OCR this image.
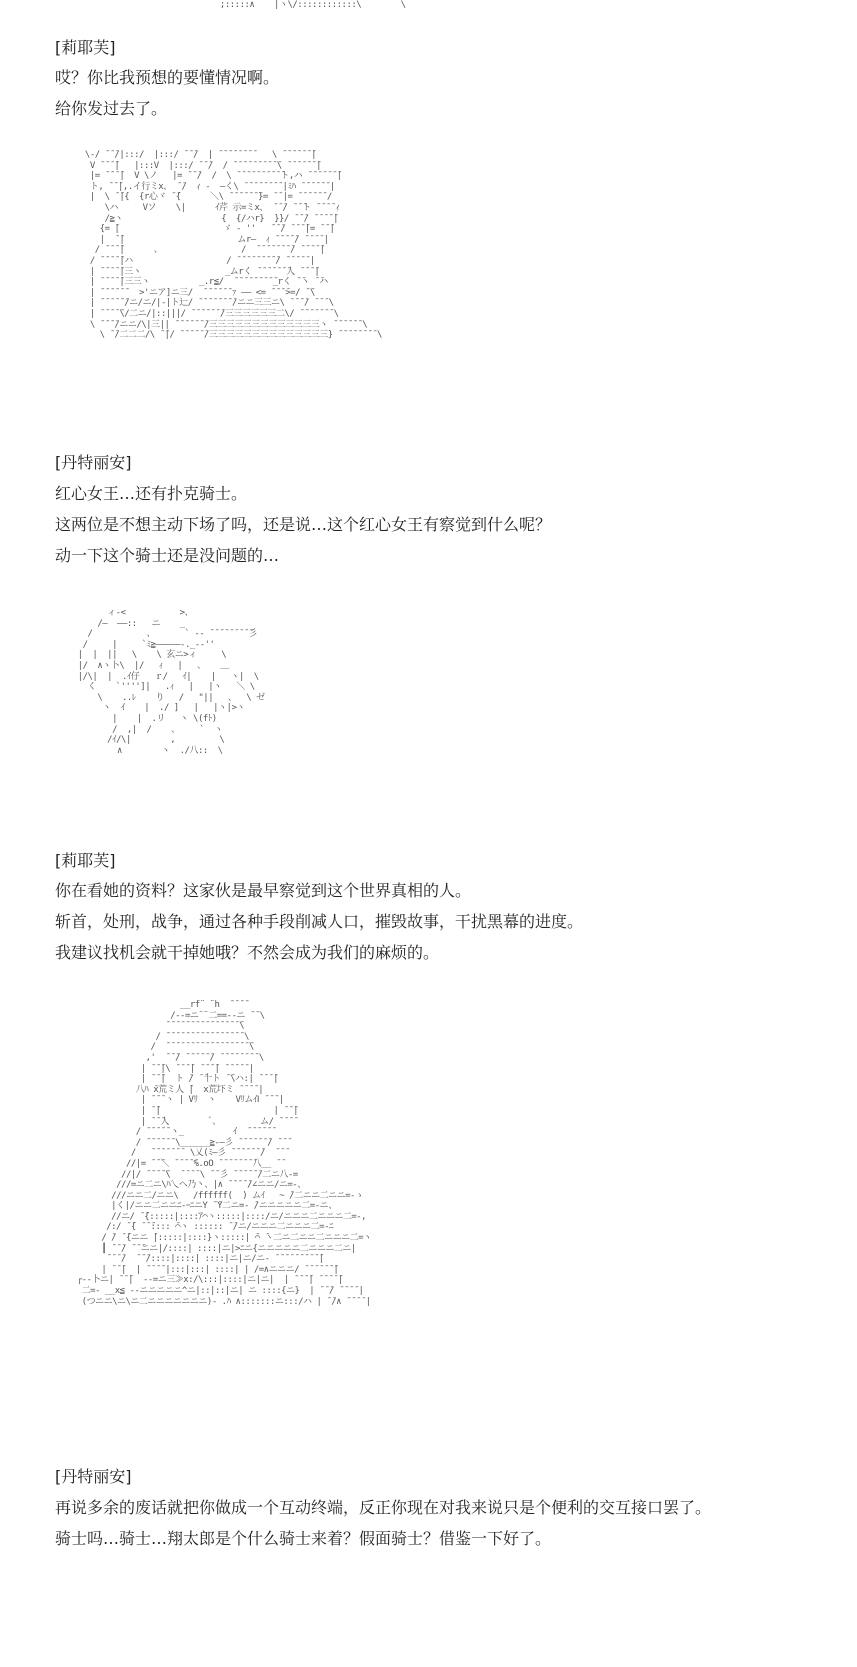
;:::::∧    |ヽ\/::::::::::::\        \
[莉耶芙]
哎？你比我预想的要懂情况啊。
给你发过去了。
\-/ ̄ ̄ ̄/|:::/  |:::/ ̄ ̄ ̄/  | ̄ ̄ ̄ ̄ ̄ ̄ ̄ ̄    \ ̄ ̄ ̄ ̄ ̄ ̄ ̄|
V ̄ ̄ ̄ ̄|   |:::V  |:::/ ̄ ̄ ̄/  / ̄ ̄ ̄ ̄ ̄ ̄ ̄ ̄ ̄ ̄\ ̄ ̄ ̄ ̄ ̄ ̄ ̄|
|= ̄ ̄ ̄ ̄|  V \ノ   |= ̄ ̄ ̄/  /  \ ̄ ̄ ̄ ̄ ̄ ̄ ̄ ̄ ̄ ̄ト,ハ ̄ ̄ ̄ ̄ ̄ ̄ ̄|
ト, ̄ ̄ ̄|,.イ行ミx、 ̄ ̄/  ｨ ‐  ―く\ ̄ ̄ ̄ ̄ ̄ ̄ ̄ ̄ |ﾐﾊ ̄ ̄ ̄ ̄ ̄ ̄ |
|  \ ̄ ̄|{  {r心ヾ ̄ ̄{      ＼\ ̄ ̄ ̄ ̄ ̄ ̄ ̄}= ̄ ̄ |= ̄ ̄ ̄ ̄ ̄ ̄ /
\ハ     Vソ    \|      ｲ芹 示=ミx、 ̄ ̄ ̄/ ̄ ̄ ̄ト ̄ ̄ ̄ ̄ ｨ
/≧ヽ                    {  {/ハr}  }}/ ̄ ̄ ̄/ ̄ ̄ ̄ ̄ ̄|
{= ̄|                     ゞ - ''   ̄ ̄ ̄/ ̄ ̄ ̄ ̄|= ̄ ̄ ̄|
|  ̄ ̄|                       ムr―  ｨ ̄ ̄ ̄ ̄ ̄/ ̄ ̄ ̄ ̄ |
/ ̄ ̄ ̄ ̄|      、                /  ̄ ̄ ̄ ̄ ̄ ̄ ̄ ̄/ ̄ ̄ ̄ ̄ ̄|
/ ̄ ̄ ̄ ̄ ̄|ハ                   / ̄ ̄ ̄ ̄ ̄ ̄ ̄ ̄ ̄/ ̄ ̄ ̄ ̄ ̄ |
| ̄ ̄ ̄ ̄ ̄|三ヽ                 _ムrく ̄ ̄ ̄ ̄ ̄ ̄ ̄人 ̄ ̄ ̄ ̄|
| ̄ ̄ ̄ ̄ ̄|三三ヽ          _.r≦/  ̄ ̄ ̄ ̄ ̄ ̄ ̄ ̄ ̄_rく ̄ ̄ヽ ̄ ̄ハ
| ̄ ̄ ̄ ̄ ̄ ̄   >'ニア]ニ三/  ̄ ̄ ̄ ̄ ̄ ̄ ｧ ―― <= ̄ ̄ ̄ ̄>=/ ̄ ̄\
| ̄ ̄ ̄ ̄ ̄ ̄/ニ/ニ/|-|ト辷/ ̄ ̄ ̄ ̄ ̄ ̄ ̄ ̄/ニニ三三ニ\ ̄ ̄ ̄ ̄/ ̄ ̄ ̄ \
| ̄ ̄ ̄ ̄ ̄\/二ニ/|::|||/ ̄ ̄ ̄ ̄ ̄ ̄ ̄/三三三三三三二\/ ̄ ̄ ̄ ̄ ̄ ̄ ̄ \
\ ̄ ̄ ̄ ̄/ニニ/\|三|| ̄ ̄ ̄ ̄ ̄ ̄ ̄/三三三三三三三三三三三三三ヽ ̄ ̄ ̄ ̄ ̄ ̄ \
\ ̄ ̄/二二二/\ ̄ ̄|/ ̄ ̄ ̄ ̄ ̄ ̄/三三三三三三三三三三三三三三} ̄ ̄ ̄ ̄ ̄ ̄ ̄ ̄ \
[丹特丽安]
红心女王…还有扑克骑士。
这两位是不想主动下场了吗，还是说…这个红心女王有察觉到什么呢？
动一下这个骑士还是没问题的…
ィ‐<           >、
/―  ――::   ニ    _
/           、      ` ‐‐ ̄ ̄ ̄ ̄ ̄ ̄ ̄ ̄ ̄彡
/     |     `ﾐ≧―――――‐._‐‐''
|  |  ||   \    \ 玄ニ>ィ     \
|/  ∧ヽ卜\  |/   ｨ   |   、   ＿
|/\|  |  .ｲ仔   ｒ/   ｲ|    |   ヽ|  \
く    `'''']|   .ｨ   |   |ヽ   ＼ \
\    ..ﾚ    り   /   "||   、  \ ゼ
ヽ  ｲ    |  ./ ]   |   |ヽ|>ヽ
|    |  .リ   ヽ \(fﾄ)
/  ,|  /    、    `  ヽ
/ｲ/\|        ,         \
∧        ヽ  ./八::  \
[莉耶芙]
你在看她的资料？这家伙是最早察觉到这个世界真相的人。
斩首，处刑，战争，通过各种手段削减人口，摧毁故事，干扰黑幕的进度。
我建议找机会就干掉她哦？不然会成为我们的麻烦的。
__rf¨ ¨h  ̄ ̄ ̄ ̄
/‐-=ニ¨¨二==‐-ニ ̄ ̄ \
̄ ̄ ̄ ̄ ̄ ̄ ̄ ̄ ̄ ̄ ̄ ̄ ̄ ̄ ̄ ̄\
/ ̄ ̄ ̄ ̄ ̄ ̄ ̄ ̄ ̄ ̄ ̄ ̄ ̄ ̄ ̄ ̄ \
/  ̄ ̄ ̄ ̄ ̄ ̄ ̄ ̄ ̄ ̄ ̄ ̄ ̄ ̄ ̄ ̄ ̄ ̄\
,'  ̄ ̄ ̄/ ̄ ̄ ̄ ̄ ̄ ̄/ ̄ ̄ ̄ ̄ ̄ ̄ ̄ ̄ \
| ̄ ̄ ̄|\ ̄ ̄ ̄ ̄| ̄ ̄ ̄ ̄| ̄ ̄ ̄ ̄ ̄ |
| ̄ ̄ ̄|  ト ̄/ ̄ ̄十ト ̄ ̄\ハ:| ̄ ̄ ̄ ̄|
八ﾊ ̄x荒ミ人 ̄|  x荒圷ミ ̄ ̄ ̄ ̄ |
| ̄ ̄ ̄ ヽ | Vﾘ  ヽ    VﾘムｲⅠ ̄ ̄ ̄ |
| ̄ ̄|                       | ̄ ̄ ̄|
| ̄ ̄ ̄人        ﾞ、        ム/ ̄ ̄ ̄ ̄
/ ̄ ̄ ̄ ̄ ̄ ヽ_          ｲ  ̄ ̄ ̄ ̄ ̄ ̄
/ ̄ ̄ ̄ ̄ ̄ ̄ \______≧‐―彡 ̄ ̄ ̄ ̄ ̄ ̄ ̄/ ̄ ̄ ̄
/   ̄ ̄ ̄ ̄ ̄ ̄ ̄  \乂(ﾐ―彡 ̄ ̄ ̄ ̄ ̄ ̄ ̄/  ̄ ̄ ̄
//|= ̄ ̄ ̄＼ ̄ ̄ ̄ ̄ ̄%.oO ̄ ̄ ̄ ̄ ̄ ̄ ̄ ̄八__ ̄ ̄
//|/ ̄ ̄ ̄ ̄ ̄\  ̄ ̄ ̄ ̄ \ ̄ ̄ 彡 ̄ ̄ ̄ ̄ ̄ ̄/二ニ八-=
///=ニ二ニ\ﾊ乀ヘ乃丶、|∧ ̄ ̄ ̄ ̄ ̄/∠ニニ/ニ=-、
///ニニ二/ニニ\   /ffffff(  ) ムｲ   ~ ̄/二ニニ二ニニ=-ゝ
|く|/ニニ二ニニﾆ-ｰﾆニY ̄ ̄Y二ニ=- ̄/ニニニニニ二=-ニ、
//ニ/ ̄ ̄{:::::|::::ｱ⌒ヽ:::::|::::/ニ/ニニニ二ニニニ二=-,
/:/ ̄ ̄{ ̄ ̄ ̄:::: ̄⌒ヽ :::::: ̄ ̄/ニ/ニニニ二ニニニ二=-ﾆ
/ ̄/ ̄ ̄{ニニ ̄|:::::|::::}ヽ:::::| ̄⌒ ̄ヽ二ニ二ニニ二ニニニ二=ヽ
┃ ̄ ̄ ̄/ ̄ ̄ ̄ニニ|/::::| ::::|ニ|>ﾆニ{ニニニニニ二ニニニ二ニ|
̄ ̄ ̄ ̄/  ̄ ̄ ̄/::::|::::| ::::|ニ|ニ/ニ‐ ̄ ̄ ̄ ̄ ̄ ̄ ̄ ̄ ̄ ̄|
| ̄ ̄ ̄|  | ̄ ̄ ̄ ̄ |:::|:::| ::::| | /=∧ニニニ/ ̄ ̄ ̄ ̄ ̄ ̄ ̄|
┌‐‐卜ニ| ̄ ̄ ̄|  ‐‐=ニ三≫x:/\:::|::::|ニ|ニ|  | ̄ ̄ ̄ ̄| ̄ ̄ ̄ ̄ ̄|
二=- __x≦ ‐‐ニニニニニ^ニ|::|::|ニ| ニ ::::{ニ}  | ̄ ̄ ̄/ ̄ ̄ ̄ ̄ |
(つニニ\ニ\ニ二ニニニニニニニ)- .ﾊ ∧:::::::ニ:::/ハ | ̄ ̄/∧ ̄ ̄ ̄ ̄ |
[丹特丽安]
再说多余的废话就把你做成一个互动终端，反正你现在对我来说只是个便利的交互接口罢了。
骑士吗…骑士…翔太郎是个什么骑士来着？假面骑士？借鉴一下好了。
